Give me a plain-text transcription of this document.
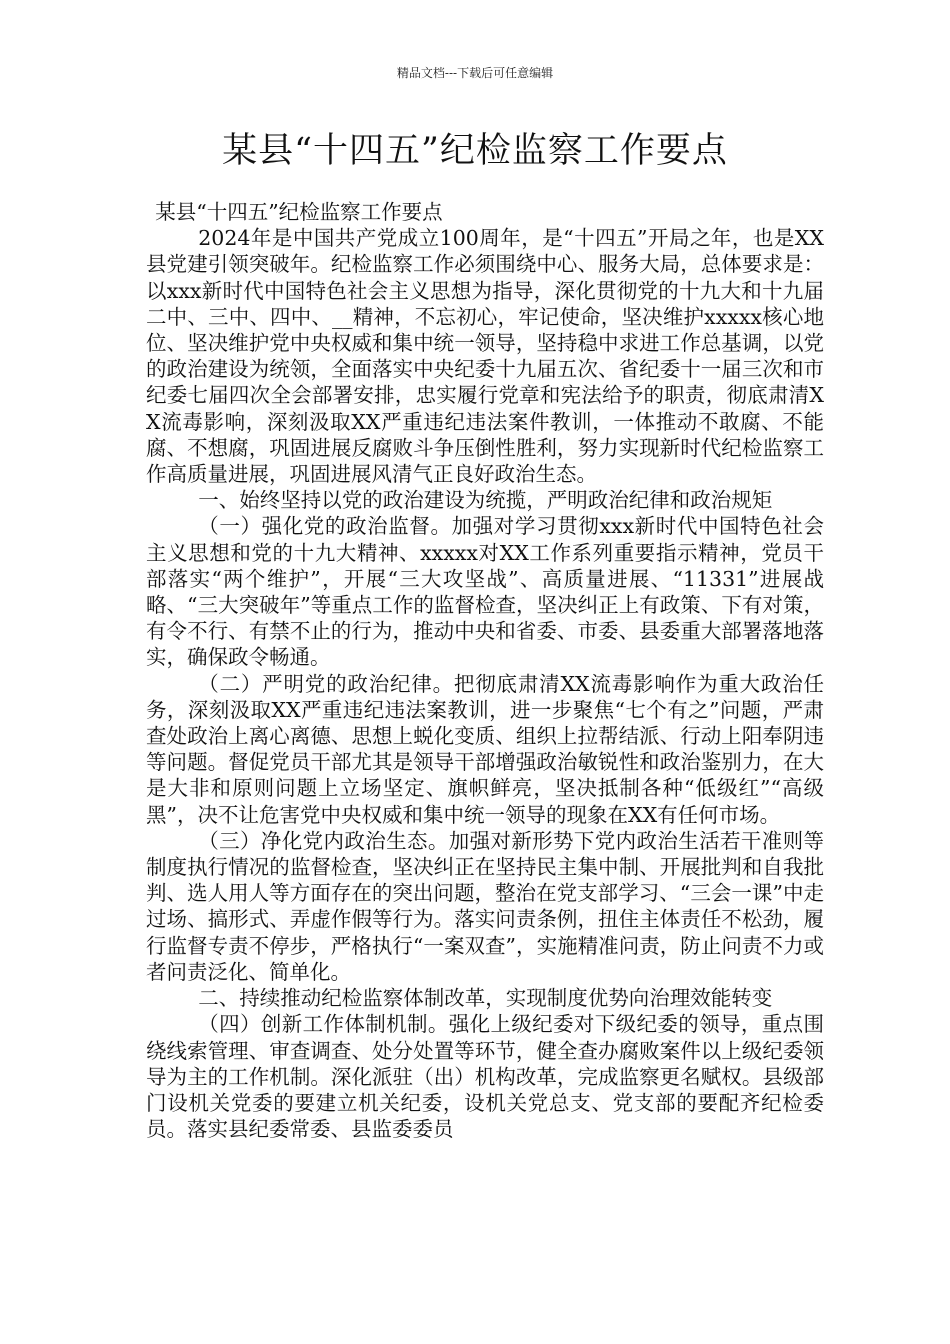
精品文档---下载后可任意编辑
某县“十四五”纪检监察工作要点

某县“十四五”纪检监察工作要点

2024年是中国共产党成立100周年，是“十四五”开局之年，也是XX县党建引领突破年。纪检监察工作必须围绕中心、服务大局，总体要求是：以xxx新时代中国特色社会主义思想为指导，深化贯彻党的十九大和十九届二中、三中、四中、__精神，不忘初心，牢记使命，坚决维护xxxxx核心地位、坚决维护党中央权威和集中统一领导，坚持稳中求进工作总基调，以党的政治建设为统领，全面落实中央纪委十九届五次、省纪委十一届三次和市纪委七届四次全会部署安排，忠实履行党章和宪法给予的职责，彻底肃清XX流毒影响，深刻汲取XX严重违纪违法案件教训，一体推动不敢腐、不能腐、不想腐，巩固进展反腐败斗争压倒性胜利，努力实现新时代纪检监察工作高质量进展，巩固进展风清气正良好政治生态。

一、始终坚持以党的政治建设为统揽，严明政治纪律和政治规矩

（一）强化党的政治监督。加强对学习贯彻xxx新时代中国特色社会主义思想和党的十九大精神、xxxxx对XX工作系列重要指示精神，党员干部落实“两个维护”，开展“三大攻坚战”、高质量进展、“11331”进展战略、“三大突破年”等重点工作的监督检查，坚决纠正上有政策、下有对策，有令不行、有禁不止的行为，推动中央和省委、市委、县委重大部署落地落实，确保政令畅通。

（二）严明党的政治纪律。把彻底肃清XX流毒影响作为重大政治任务，深刻汲取XX严重违纪违法案教训，进一步聚焦“七个有之”问题，严肃查处政治上离心离德、思想上蜕化变质、组织上拉帮结派、行动上阳奉阴违等问题。督促党员干部尤其是领导干部增强政治敏锐性和政治鉴别力，在大是大非和原则问题上立场坚定、旗帜鲜亮，坚决抵制各种“低级红”“高级黑”，决不让危害党中央权威和集中统一领导的现象在XX有任何市场。

（三）净化党内政治生态。加强对新形势下党内政治生活若干准则等制度执行情况的监督检查，坚决纠正在坚持民主集中制、开展批判和自我批判、选人用人等方面存在的突出问题，整治在党支部学习、“三会一课”中走过场、搞形式、弄虚作假等行为。落实问责条例，扭住主体责任不松劲，履行监督专责不停步，严格执行“一案双查”，实施精准问责，防止问责不力或者问责泛化、简单化。

二、持续推动纪检监察体制改革，实现制度优势向治理效能转变

（四）创新工作体制机制。强化上级纪委对下级纪委的领导，重点围绕线索管理、审查调查、处分处置等环节，健全查办腐败案件以上级纪委领导为主的工作机制。深化派驻（出）机构改革，完成监察更名赋权。县级部门设机关党委的要建立机关纪委，设机关党总支、党支部的要配齐纪检委员。落实县纪委常委、县监委委员
